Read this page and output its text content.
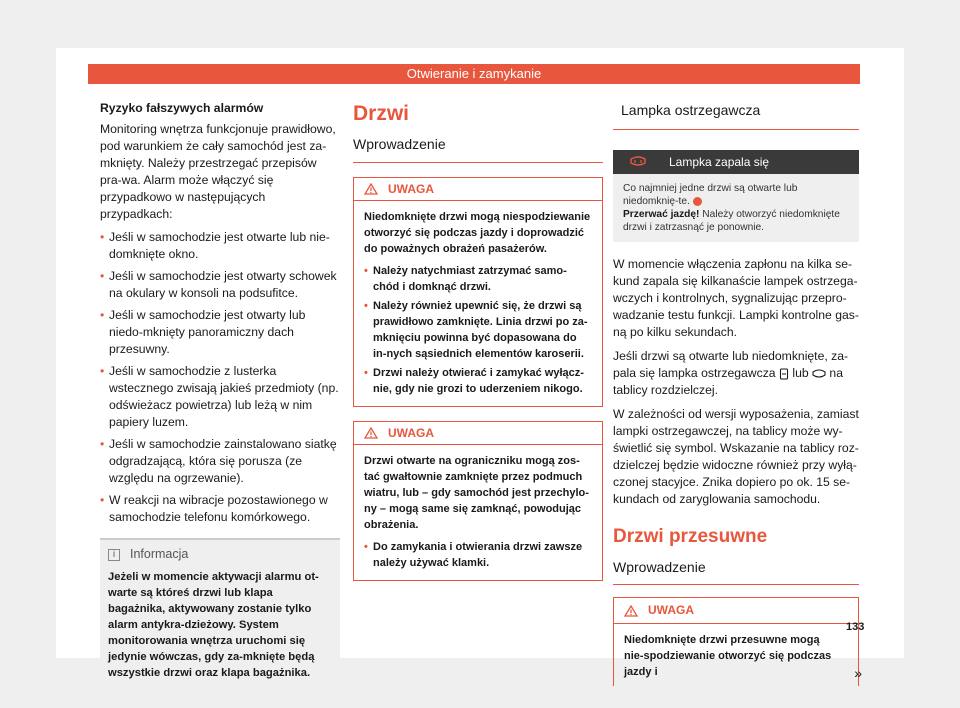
Otwieranie i zamykanie
Ryzyko fałszywych alarmów

Monitoring wnętrza funkcjonuje prawidłowo, pod warunkiem że cały samochód jest za-mknięty. Należy przestrzegać przepisów pra-wa. Alarm może włączyć się przypadkowo w następujących przypadkach:

• Jeśli w samochodzie jest otwarte lub nie-domknięte okno.
• Jeśli w samochodzie jest otwarty schowek na okulary w konsoli na podsufitce.
• Jeśli w samochodzie jest otwarty lub niedo-mknięty panoramiczny dach przesuwny.
• Jeśli w samochodzie z lusterka wstecznego zwisają jakieś przedmioty (np. odświeżacz powietrza) lub leżą w nim papiery luzem.
• Jeśli w samochodzie zainstalowano siatkę odgradzającą, która się porusza (ze względu na ogrzewanie).
• W reakcji na wibracje pozostawionego w samochodzie telefonu komórkowego.
i	Informacja
Jeżeli w momencie aktywacji alarmu ot-warte są któreś drzwi lub klapa bagażnika, aktywowany zostanie tylko alarm antykra-dzieżowy. System monitorowania wnętrza uruchomi się jedynie wówczas, gdy za-mknięte będą wszystkie drzwi oraz klapa bagażnika.
Drzwi
Wprowadzenie
UWAGA

Niedomknięte drzwi mogą niespodziewanie otworzyć się podczas jazdy i doprowadzić do poważnych obrażeń pasażerów.

• Należy natychmiast zatrzymać samo-chód i domknąć drzwi.
• Należy również upewnić się, że drzwi są prawidłowo zamknięte. Linia drzwi po za-mknięciu powinna być dopasowana do in-nych sąsiednich elementów karoserii.
• Drzwi należy otwierać i zamykać wyłącz-nie, gdy nie grozi to uderzeniem nikogo.
UWAGA

Drzwi otwarte na ograniczniku mogą zos-tać gwałtownie zamknięte przez podmuch wiatru, lub – gdy samochód jest przechylo-ny – mogą same się zamknąć, powodując obrażenia.

• Do zamykania i otwierania drzwi zawsze należy używać klamki.
Lampka ostrzegawcza
Lampka zapala się
Co najmniej jedne drzwi są otwarte lub niedomknię-te.
Przerwać jazdę! Należy otworzyć niedomknięte drzwi i zatrzasnąć je ponownie.

W momencie włączenia zapłonu na kilka se-kund zapala się kilkanaście lampek ostrzega-wczych i kontrolnych, sygnalizując przepro-wadzanie testu funkcji. Lampki kontrolne gas-ną po kilku sekundach.

Jeśli drzwi są otwarte lub niedomknięte, za-pala się lampka ostrzegawcza lub na tablicy rozdzielczej.

W zależności od wersji wyposażenia, zamiast lampki ostrzegawczej, na tablicy może wy-świetlić się symbol. Wskazanie na tablicy roz-dzielczej będzie widoczne również przy wyłą-czonej stacyjce. Znika dopiero po ok. 15 se-kundach od zaryglowania samochodu.

Drzwi przesuwne
Wprowadzenie
UWAGA
Niedomknięte drzwi przesuwne mogą nie-spodziewanie otworzyć się podczas jazdy i	»
133
